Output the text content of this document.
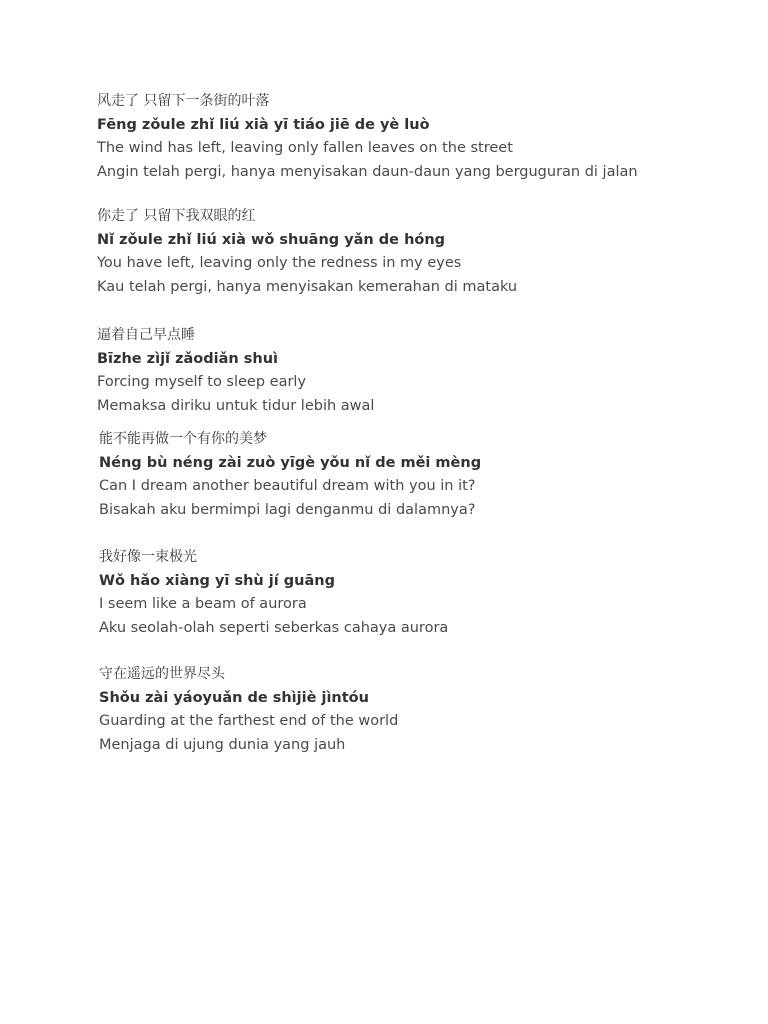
风走了 只留下一条街的叶落
Fēng zǒule zhǐ liú xià yī tiáo jiē de yè luò
The wind has left, leaving only fallen leaves on the street
Angin telah pergi, hanya menyisakan daun-daun yang berguguran di jalan
你走了 只留下我双眼的红
Nǐ zǒule zhǐ liú xià wǒ shuāng yǎn de hóng
You have left, leaving only the redness in my eyes
Kau telah pergi, hanya menyisakan kemerahan di mataku
逼着自己早点睡
Bīzhe zìjǐ zǎodiǎn shuì
Forcing myself to sleep early
Memaksa diriku untuk tidur lebih awal
能不能再做一个有你的美梦
Néng bù néng zài zuò yīgè yǒu nǐ de měi mèng
Can I dream another beautiful dream with you in it?
Bisakah aku bermimpi lagi denganmu di dalamnya?
我好像一束极光
Wǒ hǎo xiàng yī shù jí guāng
I seem like a beam of aurora
Aku seolah-olah seperti seberkas cahaya aurora
守在遥远的世界尽头
Shǒu zài yáoyuǎn de shìjiè jìntóu
Guarding at the farthest end of the world
Menjaga di ujung dunia yang jauh
